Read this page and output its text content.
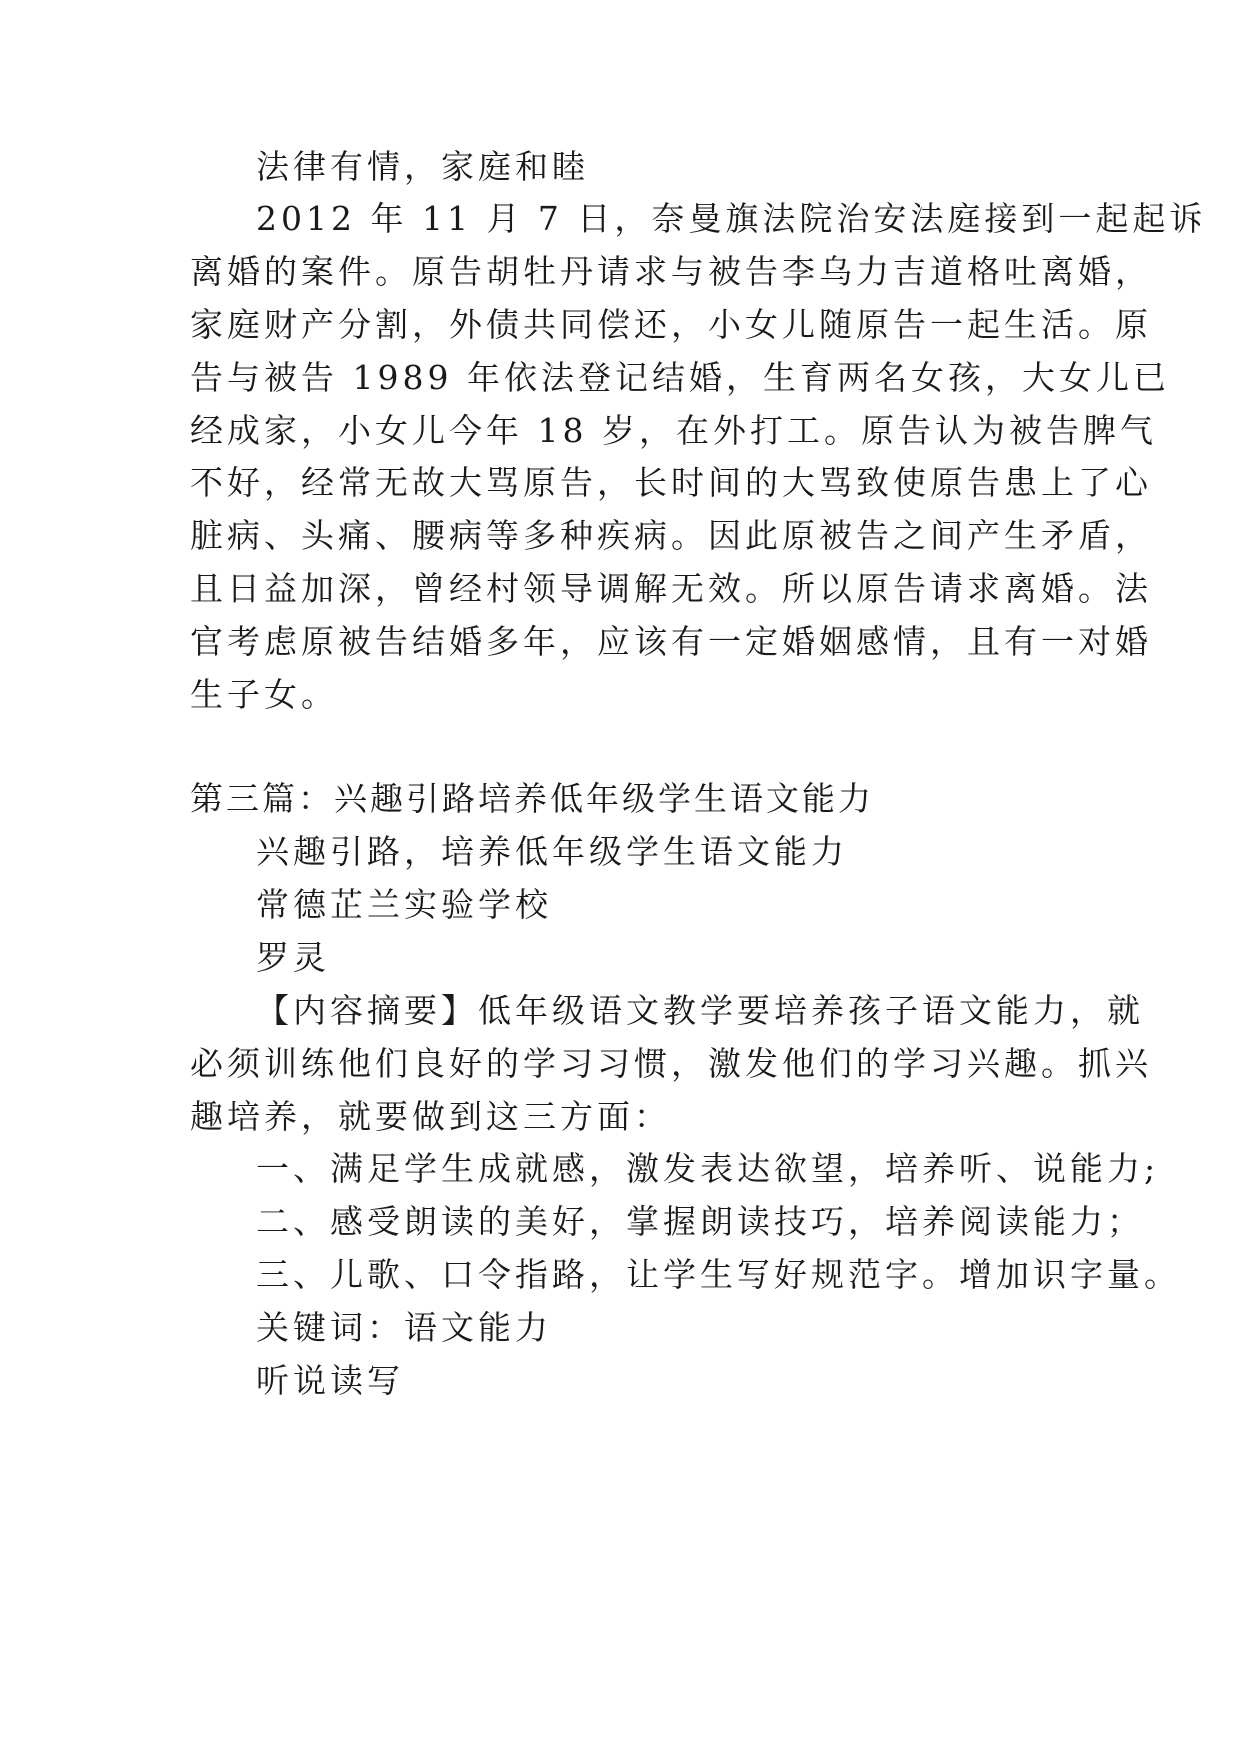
法律有情，家庭和睦
2012 年 11 月 7 日，奈曼旗法院治安法庭接到一起起诉
离婚的案件。原告胡牡丹请求与被告李乌力吉道格吐离婚，
家庭财产分割，外债共同偿还，小女儿随原告一起生活。原
告与被告 1989 年依法登记结婚，生育两名女孩，大女儿已
经成家，小女儿今年 18 岁，在外打工。原告认为被告脾气
不好，经常无故大骂原告，长时间的大骂致使原告患上了心
脏病、头痛、腰病等多种疾病。因此原被告之间产生矛盾，
且日益加深，曾经村领导调解无效。所以原告请求离婚。法
官考虑原被告结婚多年，应该有一定婚姻感情，且有一对婚
生子女。
第三篇：兴趣引路培养低年级学生语文能力
兴趣引路，培养低年级学生语文能力
常德芷兰实验学校
罗灵
【内容摘要】低年级语文教学要培养孩子语文能力，就
必须训练他们良好的学习习惯，激发他们的学习兴趣。抓兴
趣培养，就要做到这三方面：
一、满足学生成就感，激发表达欲望，培养听、说能力;
二、感受朗读的美好，掌握朗读技巧，培养阅读能力；
三、儿歌、口令指路，让学生写好规范字。增加识字量。
关键词：语文能力
听说读写
